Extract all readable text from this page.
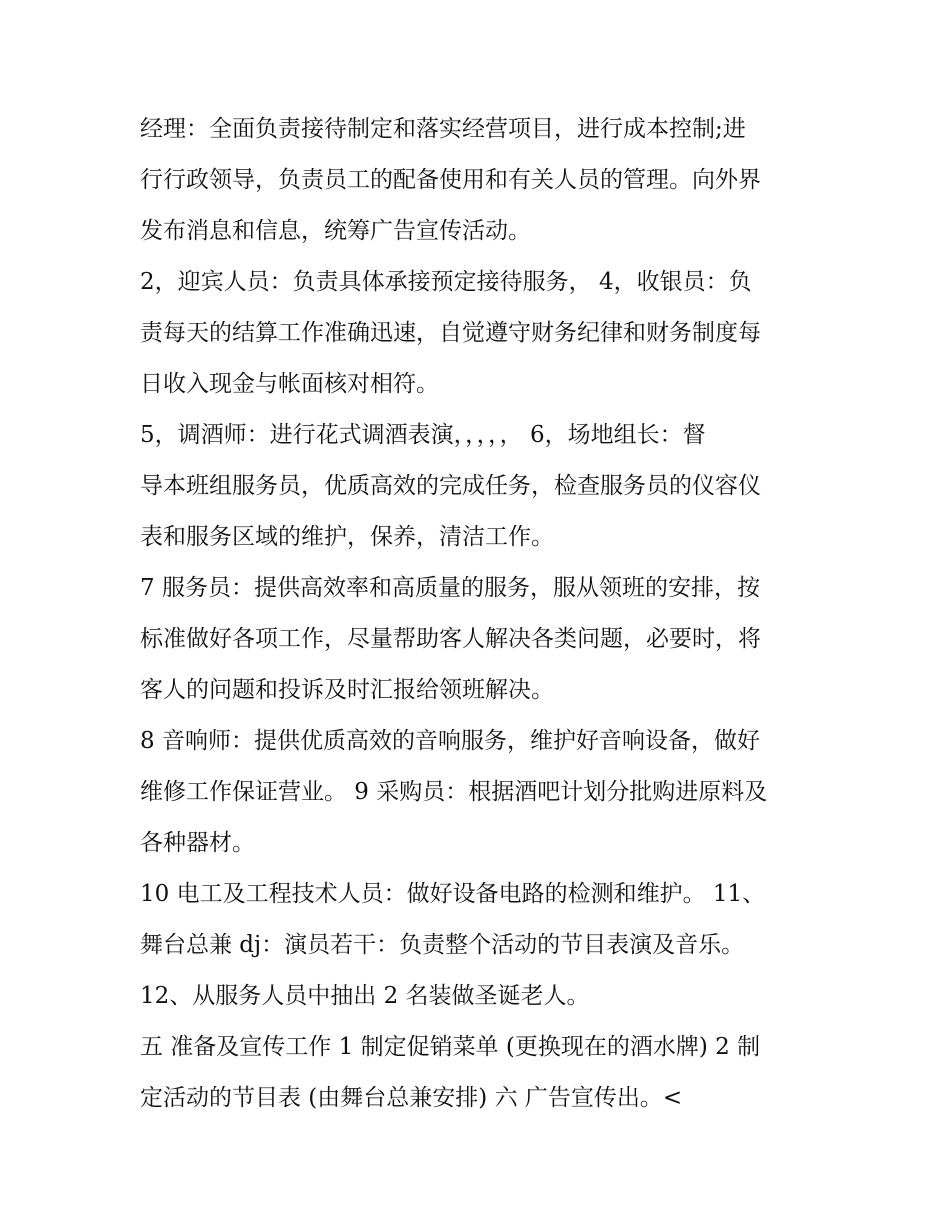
经理：全面负责接待制定和落实经营项目，进行成本控制;进
行行政领导，负责员工的配备使用和有关人员的管理。向外界
发布消息和信息，统筹广告宣传活动。
2，迎宾人员：负责具体承接预定接待服务， 4，收银员：负
责每天的结算工作准确迅速，自觉遵守财务纪律和财务制度每
日收入现金与帐面核对相符。
5，调酒师：进行花式调酒表演，，，，， 6，场地组长：督
导本班组服务员，优质高效的完成任务，检查服务员的仪容仪
表和服务区域的维护，保养，清洁工作。
7 服务员：提供高效率和高质量的服务，服从领班的安排，按
标准做好各项工作，尽量帮助客人解决各类问题，必要时，将
客人的问题和投诉及时汇报给领班解决。
8 音响师：提供优质高效的音响服务，维护好音响设备，做好
维修工作保证营业。 9 采购员：根据酒吧计划分批购进原料及
各种器材。
10 电工及工程技术人员：做好设备电路的检测和维护。 11、
舞台总兼 dj：演员若干：负责整个活动的节目表演及音乐。
12、从服务人员中抽出 2 名装做圣诞老人。
五 准备及宣传工作 1 制定促销菜单 (更换现在的酒水牌) 2 制
定活动的节目表 (由舞台总兼安排) 六 广告宣传出。<
